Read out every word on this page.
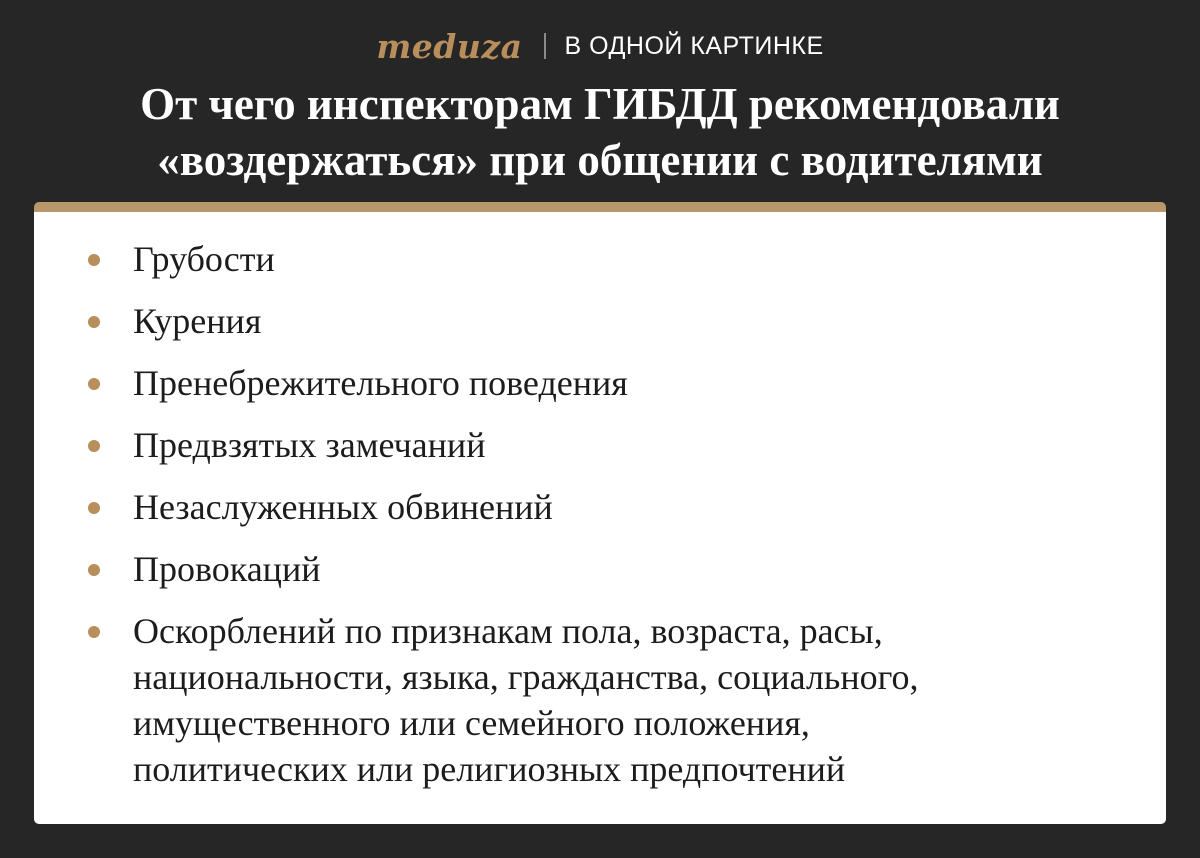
meduza В ОДНОЙ КАРТИНКЕ
От чего инспекторам ГИБДД рекомендовали
«воздержаться» при общении с водителями
Грубости
Курения
Пренебрежительного поведения
Предвзятых замечаний
Незаслуженных обвинений
Провокаций
Оскорблений по признакам пола, возраста, расы,
национальности, языка, гражданства, социального,
имущественного или семейного положения,
политических или религиозных предпочтений
